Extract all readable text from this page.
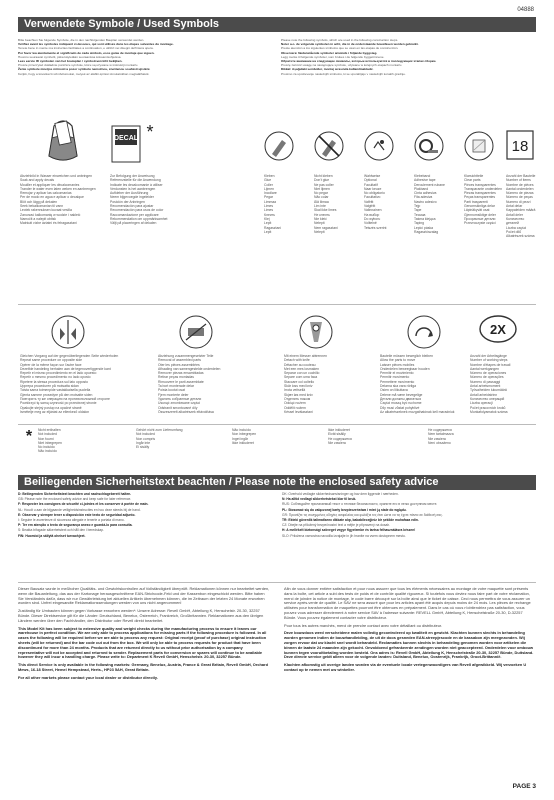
04888
Verwendete Symbole / Used Symbols

Bitte beachten Sie folgende Symbole, die in den nachfolgenden Bauplan verwendet werden.

Vérifiez avant les symboles indiquant ci-dessous, qui sont utilisés dans les étapes suivantes du montage.

Tenete bene in mente ma instructies facilitates a continuation, e utilizzi nei disegni dell'intera opera.

Por favor lea atentamente el significado de cada símbolo, esos guías de montaje que siguen.

Huomio seuraavat symbolit, jotka käytetään seuraavissa kokoamisohjeissa.

Lees eerste ID symbolen van het bouwplan / symboloverzicht bekijken.

Prosze przeczytać dokładnie poniższe symbole, które są używane w instrukcji montażu.

Žente symbole mnetjos mírnosti a pozor symbolu nemožnou, zneštenou součástí ujistění.

Kérjük, hogy a következő szimbólumokat, melyek az alábbi építési útmutatókban megtalálhatók.

Please note the following symbols, which are used in the following construction steps.

Noter a.o. de volgende symbolen in acht, die in de onderstaande bouwfasen worden gebruikt.

Preste atención a los siguientes símbolos que se usan en las etapas de construcción.

Observera: Nedanstående symboler används i följande byggsteg.

Legg merke til følgende symboler, som brukes i de følgende byggetrinnene.

Обратите внимание на следующие символы, которые используются в последующих этапах сборки.

Proszę zwrócić uwagę na następujące symbole, używane w kolejnych etapach montażu.

Dikkat: Aşağıdaki semboller, montaj sırasında kullanılmaktadır.

Prosimo za upoštevanje naslednjih simbolov, ki se uporabljajo v naslednjih korakih gradnje.

DECAL *
18
Abziehbild in Wasser einweichen und anbringen
Soak and apply decals
Mouiller et appliquer les décalcomanies
Trander le water even laten weken en aanbrengen
Remojar y aplicar las calcomanías
Per de modo en agua e aplicar o decalque
Blöt och lägg på dekalen
Seek bekalkomanian til vann
Leotek rakennuksen kuvaat vesilla
Zanurzać kalkomanię w wodzie i nakleić
Namočit a nalepit obtisk
Matricát vízbe áztatni és felragasztani
Zur Befolgung der Anweisung
Referenzstelle für die Anwendung
Indicate les decalcomanie à utiliser
Verdunsten is het aanbrengen
Aufkleber der Ausführung
Neem bijgevoegde ingeleider
Posición der Anbringen
Recomendación para ajustar
Recomendación para usos de color
Raccomandazione per applicare
Rekommendation om uppmärksamhet
Väljt på placeringen af dekalen
Kleben
Glue
Coller
Lijmen
Incollare
Pegar
Limmaa
Limes
Limes
Клеить
Klej
Lepit
Ragasztani
Lepit
Nicht kleben
Don't glue
Ne pas coller
Niet lijmen
No pegar
Não colar
Älä liimaa
Lim inte
Skal ikke limes
Не клеить
Nie kleić
Nelepit
Nem ragasztani
Nelepit
Wahlweise
Optional
Facultatif
Naar keuze
No obligatorio
Facultativo
Valfritt
Valgfritt
Valinnainen
На выбор
Do wyboru
Volitelně
Tetszés szerint
Klebeband
Adhesive tape
Deroulement rubane
Plakband
Cinta adhesiva
Fita adesiva
Nastro adesivo
Tejp
Tape
Тесьма
Taśma klejąca
Taping
Lepicí páska
Ragasztószalag
Klarsichtteile
Clear parts
Pièces transparentes
Transparante onderdelen
Piezas transparentes
Peças transparentes
Parti trasparenti
Genomskinliga delar
Läpinäkyvät osat
Gjennomsiktige deler
Прозрачные детали
Przezroczyste części
Anzahl der Bauteile
Number of items
Nombre de pièces
Aantal onderdelen
Número de piezas
Número de peças
Numero di pezzi
Antal delar
Kappaleiden määrä
Antall deler
Количество деталей
Liczba części
Počet dílů
Alkatrészek száma
2X
Gleichen Vorgang auf der gegenüberliegenden Seite wiederholen
Repeat same procedure on opposite side
Opérer de la même façon sur l'autre face
Dezelfde handeling herhalen aan de tegenoverliggende kant
Repetir el mismo procedimiento en el lado opuesto
Repetir o mesmo procedimento no lado oposto
Ripetere la stessa procedura sul lato opposto
Upprepa proceduren på motsatta sidan
Toista sama toimenpide vastakkaisella puolella
Gjenta samme prosedyre på den motsatte siden
Повторить ту же операцию на противоположной стороне
Powtórzyć tę samą czynność po przeciwnej stronie
Opakujte stejný postup na opačné straně
Ismételje meg az eljárást az ellenkező oldalon
Abziehung zusammengesetzter Teile
Removal of assembled parts
Oter les pièces assemblées
Afhaaling van samengestelde onderdelen
Remover piezas ensambladas
Retirar peças montadas
Rimuovere le parti assemblate
Ta bort monterade delar
Poista kootut osat
Fjern monterte deler
Удалить собранные детали
Usunąć zmontowane części
Odstranit smontované díly
Összeszerelt alkatrészek eltávolítása
Mit einem Messer abtrennen
Detach with knife
Détacher au couteau
Met een mes losmaken
Separar con un cuchillo
Separe com uma faca
Staccare col coltello
Skär loss med kniv
Irrota veitsellä
Skjær løs med kniv
Отделить ножом
Odciąć nożem
Oddělit nožem
Késsel leválasztani
Bauteile müssen beweglich bleiben
Allow the parts to move
Laisser pièces mobiles
Onderdelen beweegbaar houden
Permitir el movimiento
Permitir movimento
Permettere movimento
Delarna ska vara rörliga
Osien on liikuttava
Delene må være bevegelige
Детали должны двигаться
Części muszą być ruchome
Díly musí zůstat pohyblivé
Az alkatrészeknek mozgathatónak kell maradniuk
Anzahl der Arbeitsgänge
Number of working steps
Nombre d'étapes de travail
Aantal werkgangen
Número de operaciones
Número de operações
Numero di passaggi
Antal arbetsmoment
Työvaiheiden lukumäärä
Antall arbeidstrinn
Количество операций
Liczba operacji
Počet pracovních kroků
Munkafolyamatok száma
* Nicht enthalten
Not included
Non fourni
Niet inbegrepen
No incluido
Não incluído
Gehört nicht zum Lieferumfang
Not included
Non compris
Ingår inte
Ei sisälly
Não incluído
Non inbegrepen
Inget ingår
Ikke inkluderet
Ikke inkluderet
Eivät sisälly
Не содержится
Nie zawiera
Не содержится
Nem tartalmazza
Nie zawiera
Není obsaženo
Beiliegenden Sicherheitstext beachten / Please note the enclosed safety advice

D: Beiliegenden Sicherheitstext beachten und nachschlagebereit halten.

GB: Please note the enclosed safety advice and keep safe for later reference.

F: Respecter les consignes de sécurité ci-jointes et les conserver à portée de main.

NL: Houdt u aan de bijgaande veiligheidsinstructies en hou deze steeds bij de hand.

E: Observar y siempre tener a disposición este texto de seguridad adjunto.

I: Seguire le avvertenze di sicurezza allegate e tenerle a portata di mano.

P: Ter em atenção o texto de segurança anexo e guardá-lo para consulta.

S: Beakta bifogade säkerhetstext och håll den i beredskap.

FIN: Huomioi ja säilytä oheiset turvaohjeet.

DK: Overhold vedlagte sikkerhedsanvisninger og hav dem liggende i nærheden.

N: Ha alltid vedlagt sikkerhetstekst klar til bruk.

RUS: Соблюдайте прилагаемый текст о технике безопасности, храните его в легко доступном месте.

PL: Stosować się do załączonej karty bezpieczeństwa i mieć ją stale do wglądu.

GR: Προσέξτε τις συνημμένες οδηγίες ασφαλείας και φυλάξτε τες έτσι ώστε να τις έχετε πάντα σε διάθεσή σας.

TR: Ekteki güvenlik talimatlarını dikkate alıp, bakabileceğiniz bir şekilde muhafaza edin.

CZ: Dbejte na přiložený bezpečnostní text a mějte je připravený na dosah.

H: A mellékelt biztonsági szöveget vegye figyelembe és tartsa felhasználásra készen!

SLO: Priložena varnostna navodila izvajajte in jih hranite na vsem dostopnem mestu.

Dieser Bausatz wurde in meßhoher Qualitäts- und Gewichtskontrollen auf Vollständigkeit überprüft. Reklamationen können nur bearbeitet werden, wenn die Bauanleitung, das aus der Kartonage herausgeschnittene EAN-Strichcode-Feld und der Kassenbon eingeschickt werden. Bitte haben Sie Verständnis dafür, dass wir nur Gewährleistung bei aktuellen Artikeln übernehmen können, die im Zeitraum der letzten 24 Monate erworben wurden sind. Unfrei eingesandte Reklamationssendungen werden von uns nicht angenommen!

Zuständig für Umbauten können gegen Vorkasse erworben werden*: Unsere Adresse: Revell GmbH, Abteilung K, Henschelstr. 20-30, 32257 Bünde. Dieser Direktservice gilt für die Länder: Deutschland, Benelux, Österreich, Frankreich, Großbritannien. Reklamationen aus den übrigen Ländern werden über den Fachhändler, den Distributor oder Revell direkt bearbeitet.

This Model Kit has been subject to extensive quality and weight checks during the manufacturing process to ensure it leaves our warehouse in perfect condition. We are only able to process applications for missing parts if the following procedure is followed. In all cases the following will be required before we are able to process any request: Original receipt (proof of purchase) original instruction sheets (will be returned) and the bar code cut out from the box. We will only be able to process requests for product that have been discontinued for more than 24 months. Products that are returned directly to us without prior authorisation by a company representative will not be accepted and returned to sender. Replacement parts for conversion or spares will continue to be available however they will incur a handling charge. Please write to: Department K Revell GmbH, Henschelstr. 20-30, 32257 Bünde.

This direct Service is only available in the following markets: Germany, Benelux, Austria, France & Great Britain, Revell GmbH, Orchard Mews, 16-18 Street, Hemel Hempstead, Herts., HP23 5AH, Great Britain.

For all other markets please contact your local dealer or distributor directly.

Afin de vous donner entière satisfaction et pour nous assurer que tous les éléments nécessaires au montage de votre maquette sont présents dans la boîte, cet article a subi des tests de poids et de contrôle qualité rigoureux. Si toutefois vous deviez nous faire part de votre réclamation, merci de joindre la notice de montage, le code barre découpé sur la boîte ainsi que le ticket de caisse. Ceci nous permettra de vous assurer un service après-vente de qualité. Le SAV ne sera assuré que pour les articles ayant été acquis depuis moins de 24 mois. Les pièces de rechange utilisées pour transformation de maquettes pourront être obtenues en prépaiement. Dans le cas où vous n'obtiendriez pas satisfaction, vous pouvez vous adresser directement à notre service SAV à l'adresse suivante: REVELL GmbH, Abteilung K, Henschelstraße 20-30, D-32257 Bünde. Vous pouvez également contacter votre distributeur.

Pour tous les autres marchés, merci de prendre contact avec votre détaillant ou distributeur.

Deze bouwdoos werd verscheidene malen volledig gecontroleerd op kwaliteit en gewicht. Klachten kunnen slechts in behandeling worden genomen indien de bouwhandleiding, de uit de doos gesneden EAN-streepjescode en de kassabon zijn meegezonden. Wij zorgen ervoor dat uw klacht snel wordt behandeld. Reclamaties kunnen slechts in behandeling genomen worden voor artikelen die binnen de laatste 24 maanden zijn gekocht. Onvoldoend gefrankeerde zendingen worden niet geaccepteerd. Onderdelen voor ombouw kunnen tegen vooruitbetaling worden besteld. Ons adres is: Revell GmbH, Abteilung K, Henschelstraße 20-30, 32257 Bünde, Duitsland. Deze directe service geldt alleen voor de volgende landen: Duitsland, Benelux, Oostenrijk, Frankrijk, Groot-Brittannië.

Klachten afkomstig uit overige landen worden via de eventuele locale vertegenwoordigers van Revell afgewikkeld. Wij verzoeken U contact op te nemen met uw winkelier.

PAGE 3
